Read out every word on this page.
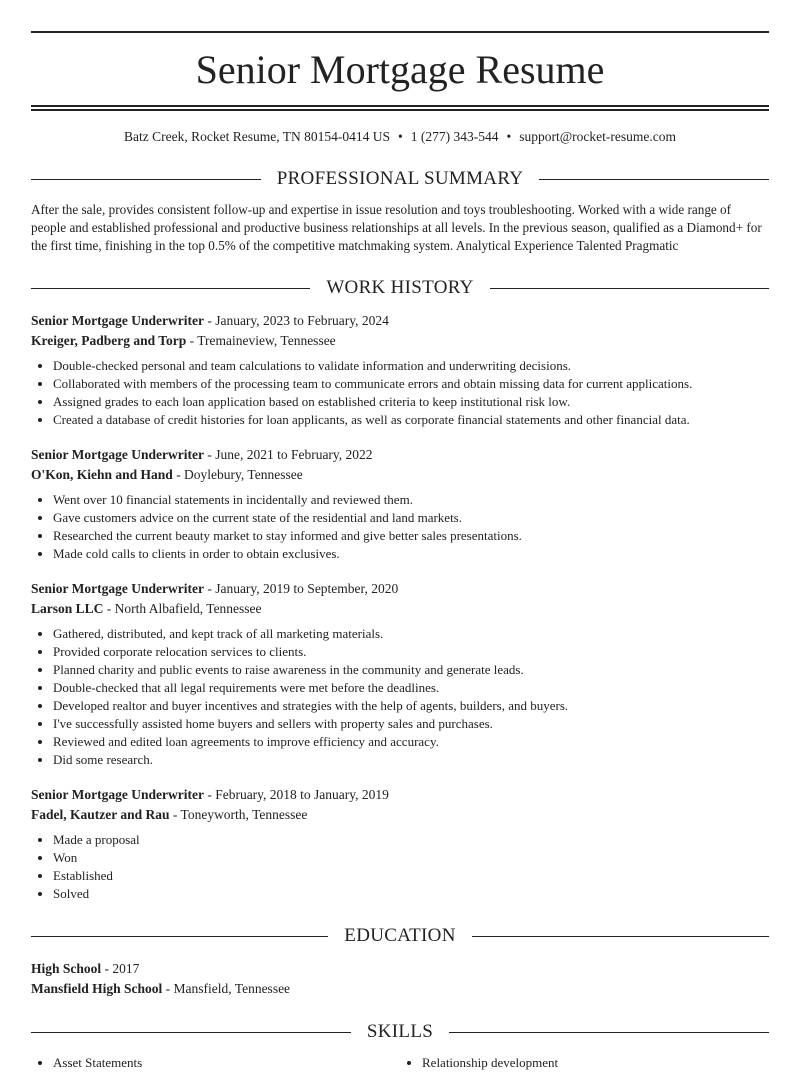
Senior Mortgage Resume
Batz Creek, Rocket Resume, TN 80154-0414 US • 1 (277) 343-544 • support@rocket-resume.com
PROFESSIONAL SUMMARY
After the sale, provides consistent follow-up and expertise in issue resolution and toys troubleshooting. Worked with a wide range of people and established professional and productive business relationships at all levels. In the previous season, qualified as a Diamond+ for the first time, finishing in the top 0.5% of the competitive matchmaking system. Analytical Experience Talented Pragmatic
WORK HISTORY
Senior Mortgage Underwriter - January, 2023 to February, 2024
Kreiger, Padberg and Torp - Tremaineview, Tennessee
• Double-checked personal and team calculations to validate information and underwriting decisions.
• Collaborated with members of the processing team to communicate errors and obtain missing data for current applications.
• Assigned grades to each loan application based on established criteria to keep institutional risk low.
• Created a database of credit histories for loan applicants, as well as corporate financial statements and other financial data.
Senior Mortgage Underwriter - June, 2021 to February, 2022
O'Kon, Kiehn and Hand - Doylebury, Tennessee
• Went over 10 financial statements in incidentally and reviewed them.
• Gave customers advice on the current state of the residential and land markets.
• Researched the current beauty market to stay informed and give better sales presentations.
• Made cold calls to clients in order to obtain exclusives.
Senior Mortgage Underwriter - January, 2019 to September, 2020
Larson LLC - North Albafield, Tennessee
• Gathered, distributed, and kept track of all marketing materials.
• Provided corporate relocation services to clients.
• Planned charity and public events to raise awareness in the community and generate leads.
• Double-checked that all legal requirements were met before the deadlines.
• Developed realtor and buyer incentives and strategies with the help of agents, builders, and buyers.
• I've successfully assisted home buyers and sellers with property sales and purchases.
• Reviewed and edited loan agreements to improve efficiency and accuracy.
• Did some research.
Senior Mortgage Underwriter - February, 2018 to January, 2019
Fadel, Kautzer and Rau - Toneyworth, Tennessee
• Made a proposal
• Won
• Established
• Solved
EDUCATION
High School - 2017
Mansfield High School - Mansfield, Tennessee
SKILLS
• Asset Statements	• Relationship development
